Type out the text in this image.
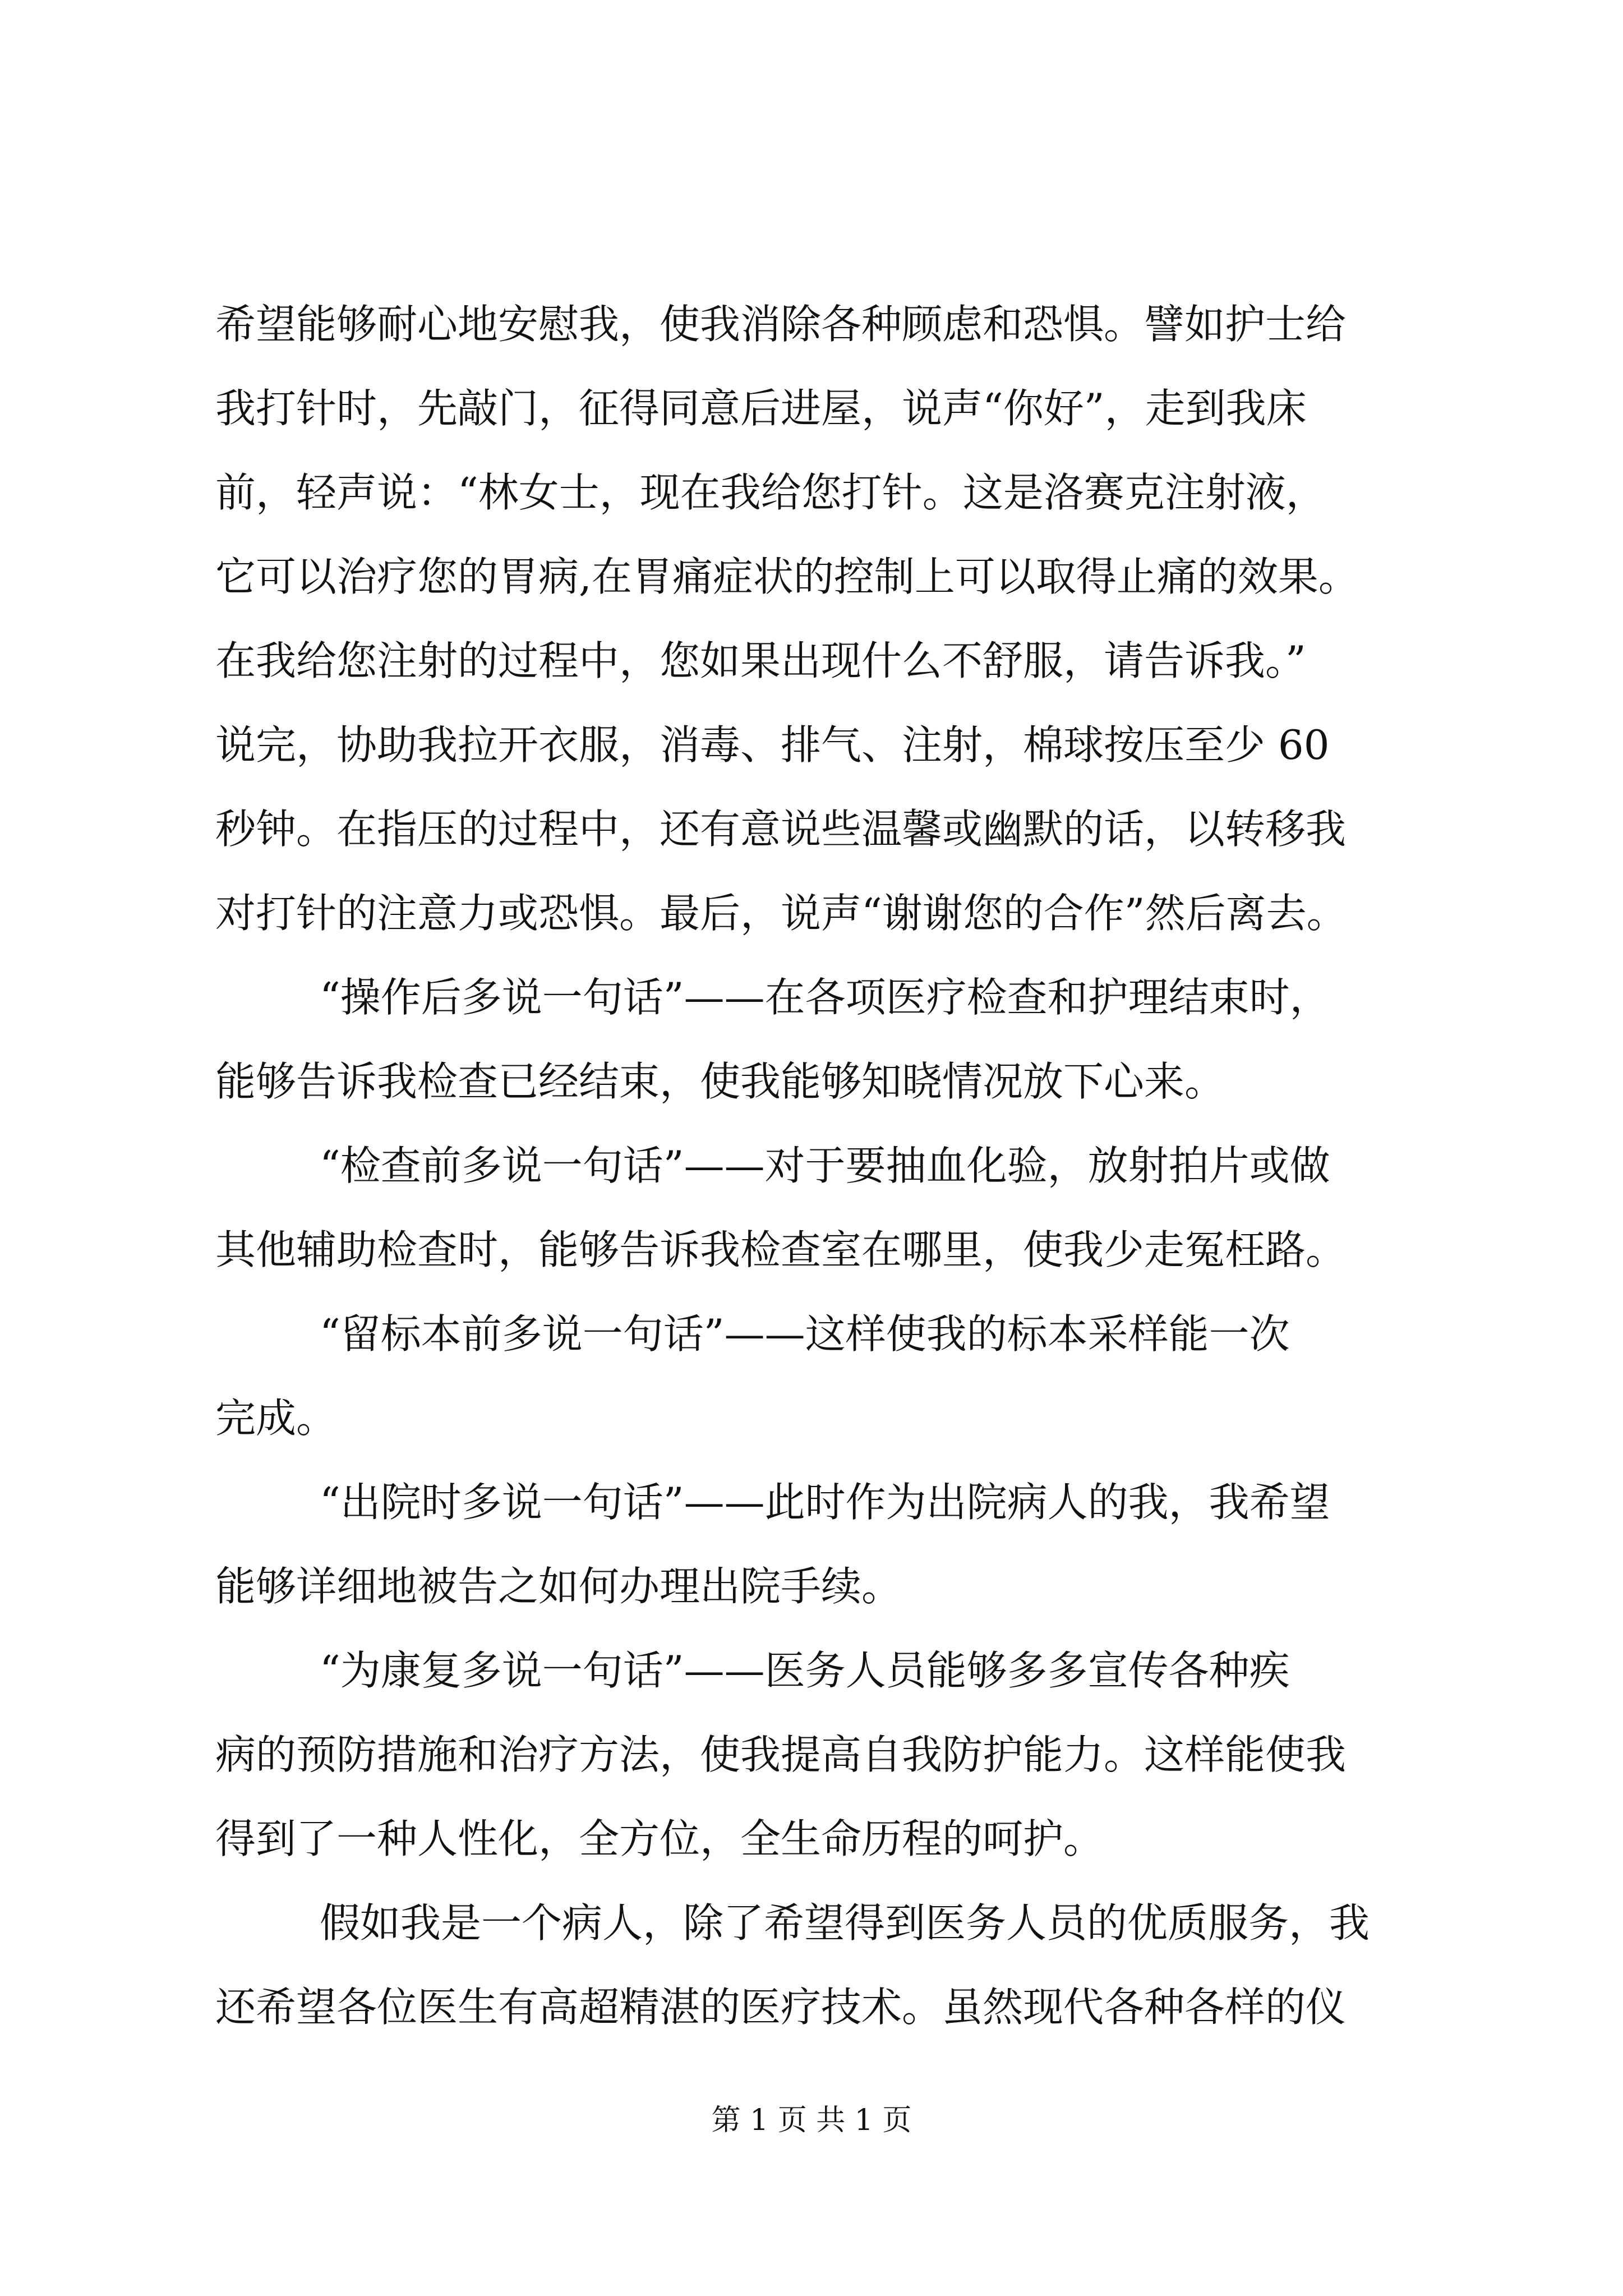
希望能够耐心地安慰我，使我消除各种顾虑和恐惧。譬如护士给
我打针时，先敲门，征得同意后进屋，说声“你好”，走到我床
前，轻声说：“林女士，现在我给您打针。这是洛赛克注射液，
它可以治疗您的胃病,在胃痛症状的控制上可以取得止痛的效果。
在我给您注射的过程中，您如果出现什么不舒服，请告诉我。”
说完，协助我拉开衣服，消毒、排气、注射，棉球按压至少 60
秒钟。在指压的过程中，还有意说些温馨或幽默的话，以转移我
对打针的注意力或恐惧。最后，说声“谢谢您的合作”然后离去。
“操作后多说一句话”——在各项医疗检查和护理结束时，
能够告诉我检查已经结束，使我能够知晓情况放下心来。
“检查前多说一句话”——对于要抽血化验，放射拍片或做
其他辅助检查时，能够告诉我检查室在哪里，使我少走冤枉路。
“留标本前多说一句话”——这样使我的标本采样能一次
完成。
“出院时多说一句话”——此时作为出院病人的我，我希望
能够详细地被告之如何办理出院手续。
“为康复多说一句话”——医务人员能够多多宣传各种疾
病的预防措施和治疗方法，使我提高自我防护能力。这样能使我
得到了一种人性化，全方位，全生命历程的呵护。
假如我是一个病人，除了希望得到医务人员的优质服务，我
还希望各位医生有高超精湛的医疗技术。虽然现代各种各样的仪
第 1 页 共 1 页
